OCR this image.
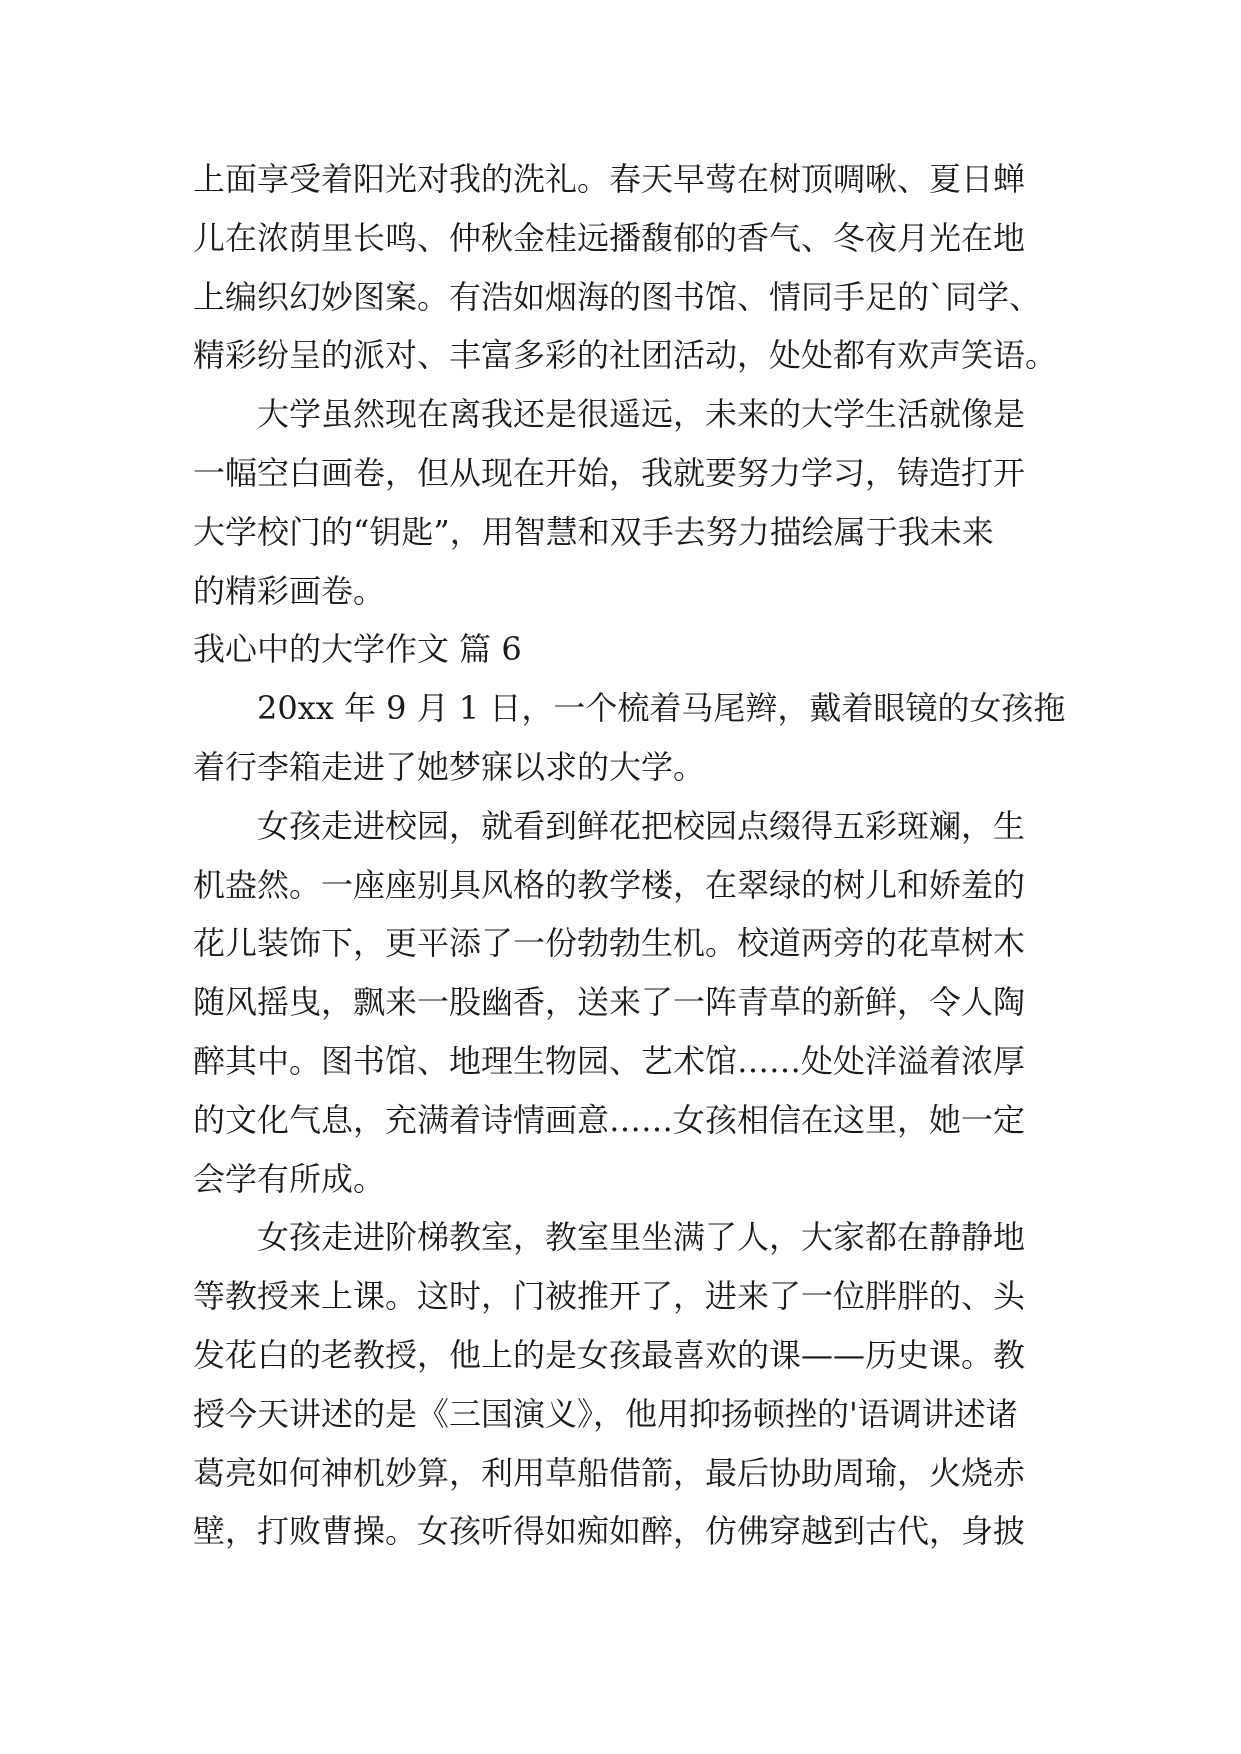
上面享受着阳光对我的洗礼。春天早莺在树顶啁啾、夏日蝉
儿在浓荫里长鸣、仲秋金桂远播馥郁的香气、冬夜月光在地
上编织幻妙图案。有浩如烟海的图书馆、情同手足的`同学、
精彩纷呈的派对、丰富多彩的社团活动，处处都有欢声笑语。
大学虽然现在离我还是很遥远，未来的大学生活就像是
一幅空白画卷，但从现在开始，我就要努力学习，铸造打开
大学校门的“钥匙”，用智慧和双手去努力描绘属于我未来
的精彩画卷。
我心中的大学作文 篇 6
20xx 年 9 月 1 日，一个梳着马尾辫，戴着眼镜的女孩拖
着行李箱走进了她梦寐以求的大学。
女孩走进校园，就看到鲜花把校园点缀得五彩斑斓，生
机盎然。一座座别具风格的教学楼，在翠绿的树儿和娇羞的
花儿装饰下，更平添了一份勃勃生机。校道两旁的花草树木
随风摇曳，飘来一股幽香，送来了一阵青草的新鲜，令人陶
醉其中。图书馆、地理生物园、艺术馆……处处洋溢着浓厚
的文化气息，充满着诗情画意……女孩相信在这里，她一定
会学有所成。
女孩走进阶梯教室，教室里坐满了人，大家都在静静地
等教授来上课。这时，门被推开了，进来了一位胖胖的、头
发花白的老教授，他上的是女孩最喜欢的课——历史课。教
授今天讲述的是《三国演义》，他用抑扬顿挫的'语调讲述诸
葛亮如何神机妙算，利用草船借箭，最后协助周瑜，火烧赤
壁，打败曹操。女孩听得如痴如醉，仿佛穿越到古代，身披
